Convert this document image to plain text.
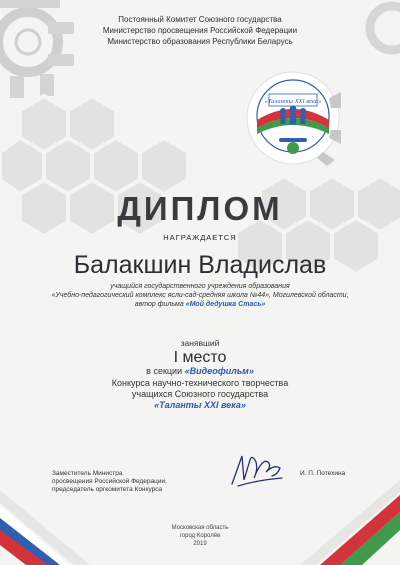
Постоянный Комитет Союзного государства
Министерство просвещения Российской Федерации
Министерство образования Республики Беларусь
«Таланты XXI века»
ДИПЛОМ
НАГРАЖДАЕТСЯ
Балакшин Владислав
учащийся государственного учреждения образования
«Учебно-педагогический комплекс ясли-сад-средняя школа №44», Могилевской области,
автор фильма «Мой дедушка Стась»
занявший
I место
в секции «Видеофильм»
Конкурса научно-технического творчества
учащихся Союзного государства
«Таланты XXI века»
Заместитель Министра
просвещения Российской Федерации,
председатель оргкомитета Конкурса
И. П. Потехина
Московская область
город Королёв
2019
